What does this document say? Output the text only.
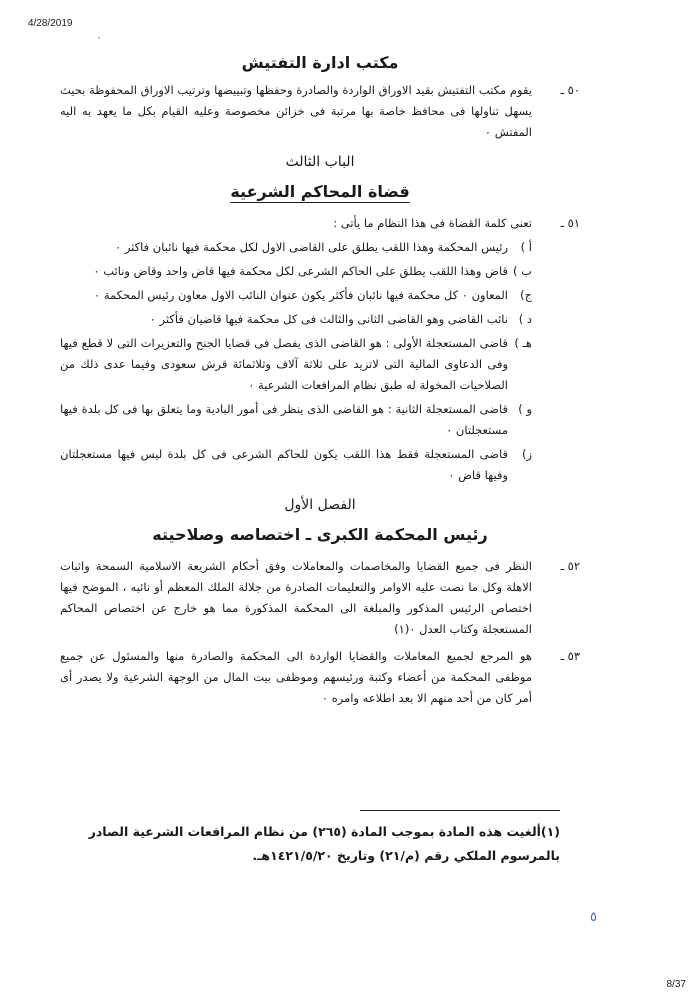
4/28/2019
٠
مكتب ادارة التفتيش
٥٠ ـ
يقوم مكتب التفتيش بقيد الاوراق الواردة والصادرة وحفظها وتبييضها وترتيب الاوراق المحفوظة بحيث يسهل تناولها فى محافظ خاصة بها مرتبة فى خزائن مخصوصة وعليه القيام بكل ما يعهد به اليه المفتش ٠
الباب الثالث
قضاة المحاكم الشرعية
٥١ ـ
تعنى كلمة القضاة فى هذا النظام ما يأتى :
أ )
رئيس المحكمة وهذا اللقب يطلق على القاضى الاول لكل محكمة فيها نائبان فاكثر ٠
ب )
قاض وهذا اللقب يطلق على الحاكم الشرعى لكل محكمة فيها قاض واحد وقاض ونائب ٠
ج)
المعاون ٠ كل محكمة فيها نائبان فأكثر يكون عنوان النائب الاول معاون رئيس المحكمة ٠
د )
نائب القاضى وهو القاضى الثانى والثالث فى كل محكمة فيها قاضيان فأكثر ٠
هـ )
قاضى المستعجلة الأولى : هو القاضى الذى يفصل فى قضايا الجنح والتعزيرات التى لا قطع فيها وفى الدعاوى المالية التى لاتزيد على ثلاثة آلاف وثلاثمائة قرش سعودى وفيما عدى ذلك من الصلاحيات المخولة له طبق نظام المرافعات الشرعية ٠
و )
قاضى المستعجلة الثانية : هو القاضى الذى ينظر فى أمور البادية وما يتعلق بها فى كل بلدة فيها مستعجلتان ٠
ز)
قاضى المستعجلة فقط هذا اللقب يكون للحاكم الشرعى فى كل بلدة ليس فيها مستعجلتان وفيها قاض ٠
الفصل الأول
رئيس المحكمة الكبرى ـ اختصاصه وصلاحيته
٥٢ ـ
النظر فى جميع القضايا والمخاصمات والمعاملات وفق أحكام الشريعة الاسلامية السمحة واثبات الاهلة وكل ما نصت عليه الاوامر والتعليمات الصادرة من جلالة الملك المعظم أو نائبه ، الموضح فيها اختصاص الرئيس المذكور والمبلغة الى المحكمة المذكورة مما هو خارج عن اختصاص المحاكم المستعجلة وكتاب العدل ٠(١)
٥٣ ـ
هو المرجع لجميع المعاملات والقضايا الواردة الى المحكمة والصادرة منها والمسئول عن جميع موظفى المحكمة من أعضاء وكتبة ورئيسهم وموظفى بيت المال من الوجهة الشرعية ولا يصدر أى أمر كان من أحد منهم الا بعد اطلاعه وامره ٠
(١)ألغيت هذه المادة بموجب المادة (٢٦٥) من نظام المرافعات الشرعية الصادر بالمرسوم الملكي رقم (م/٢١) وتاريخ ١٤٢١/٥/٢٠هـ.
٥
8/37
